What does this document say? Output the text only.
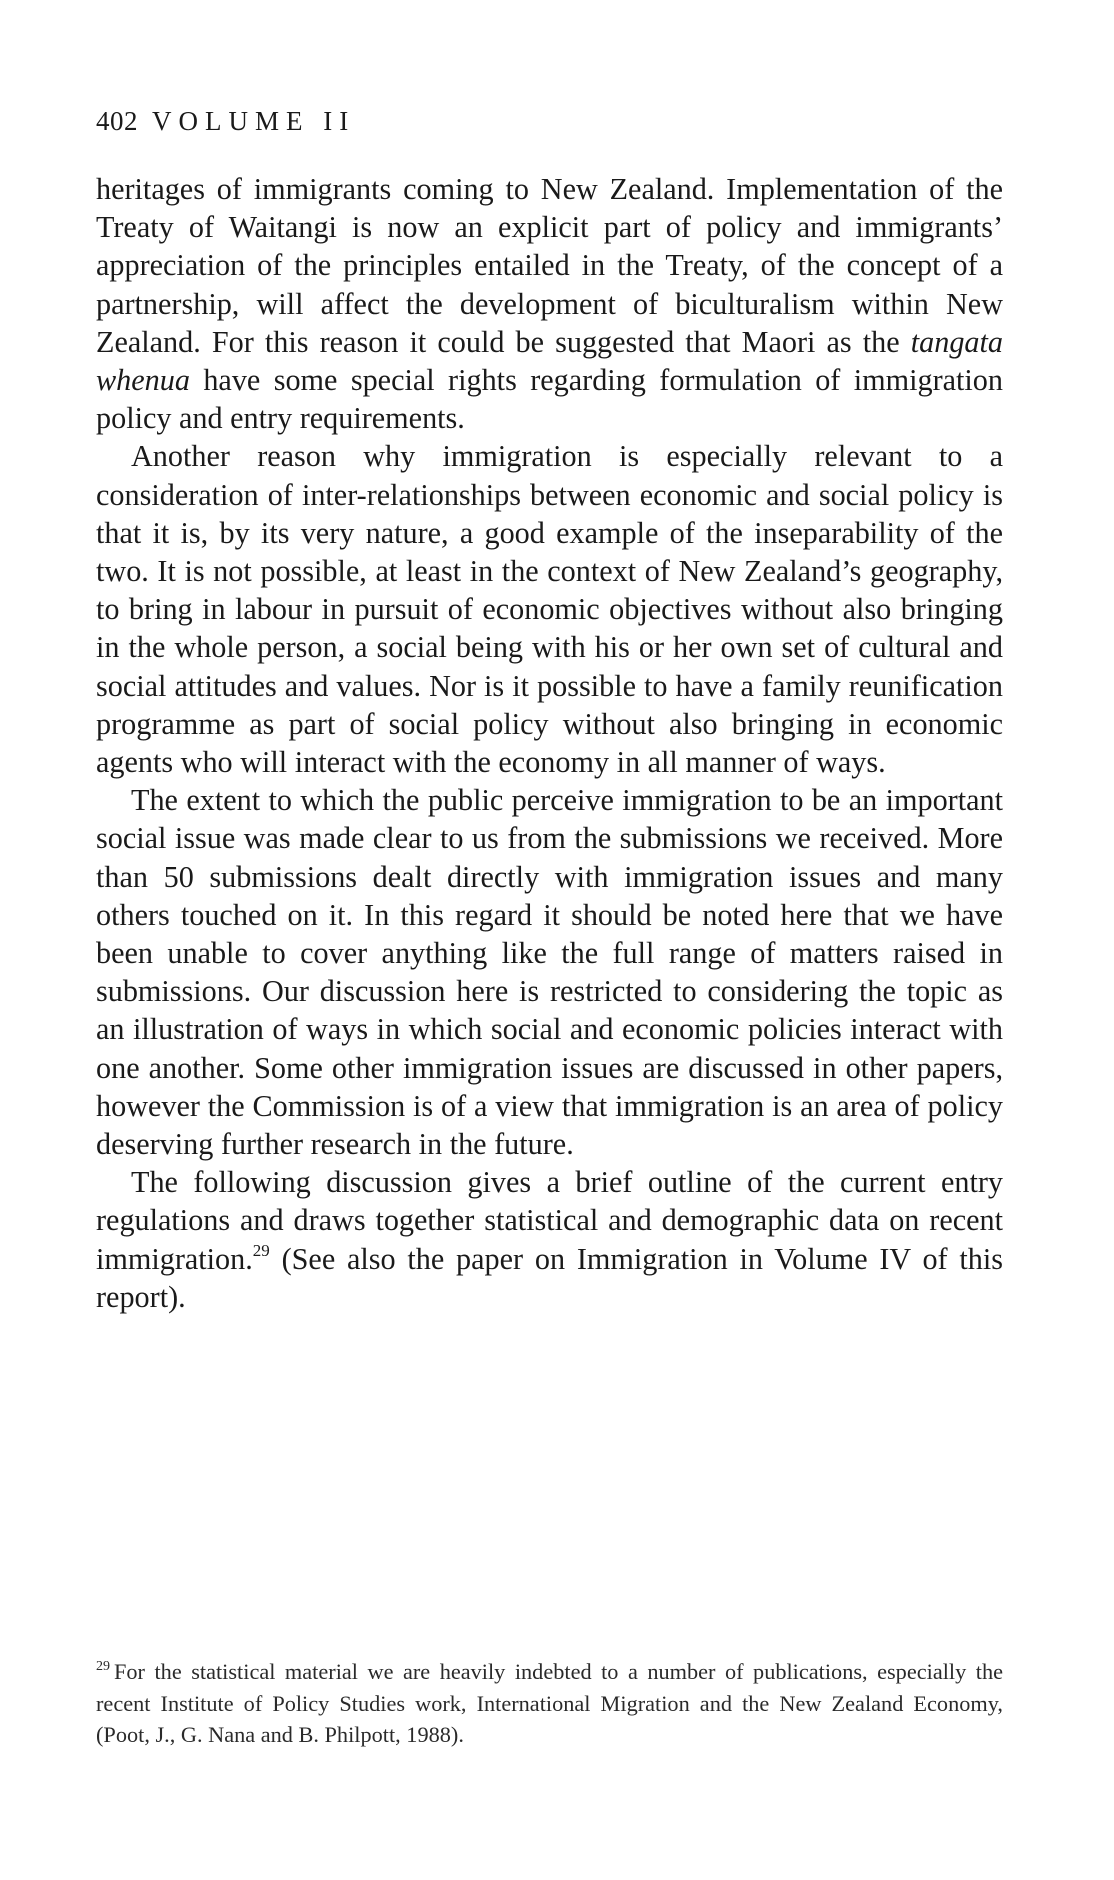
402 VOLUME II

heritages of immigrants coming to New Zealand. Implementation of the Treaty of Waitangi is now an explicit part of policy and immigrants’ appreciation of the principles entailed in the Treaty, of the concept of a partnership, will affect the development of biculturalism within New Zealand. For this reason it could be suggested that Maori as the tangata whenua have some special rights regarding formulation of immigration policy and entry requirements.

Another reason why immigration is especially relevant to a consideration of inter-relationships between economic and social policy is that it is, by its very nature, a good example of the inseparability of the two. It is not possible, at least in the context of New Zealand’s geography, to bring in labour in pursuit of economic objectives without also bringing in the whole person, a social being with his or her own set of cultural and social attitudes and values. Nor is it possible to have a family reunification programme as part of social policy without also bringing in economic agents who will interact with the economy in all manner of ways.

The extent to which the public perceive immigration to be an important social issue was made clear to us from the submissions we received. More than 50 submissions dealt directly with immigration issues and many others touched on it. In this regard it should be noted here that we have been unable to cover anything like the full range of matters raised in submissions. Our discussion here is restricted to considering the topic as an illustration of ways in which social and economic policies interact with one another. Some other immigration issues are discussed in other papers, however the Commission is of a view that immigration is an area of policy deserving further research in the future.

The following discussion gives a brief outline of the current entry regulations and draws together statistical and demographic data on recent immigration.$^{29}$ (See also the paper on Immigration in Volume IV of this report).

$^{29}$ For the statistical material we are heavily indebted to a number of publications, especially the recent Institute of Policy Studies work, International Migration and the New Zealand Economy, (Poot, J., G. Nana and B. Philpott, 1988).
